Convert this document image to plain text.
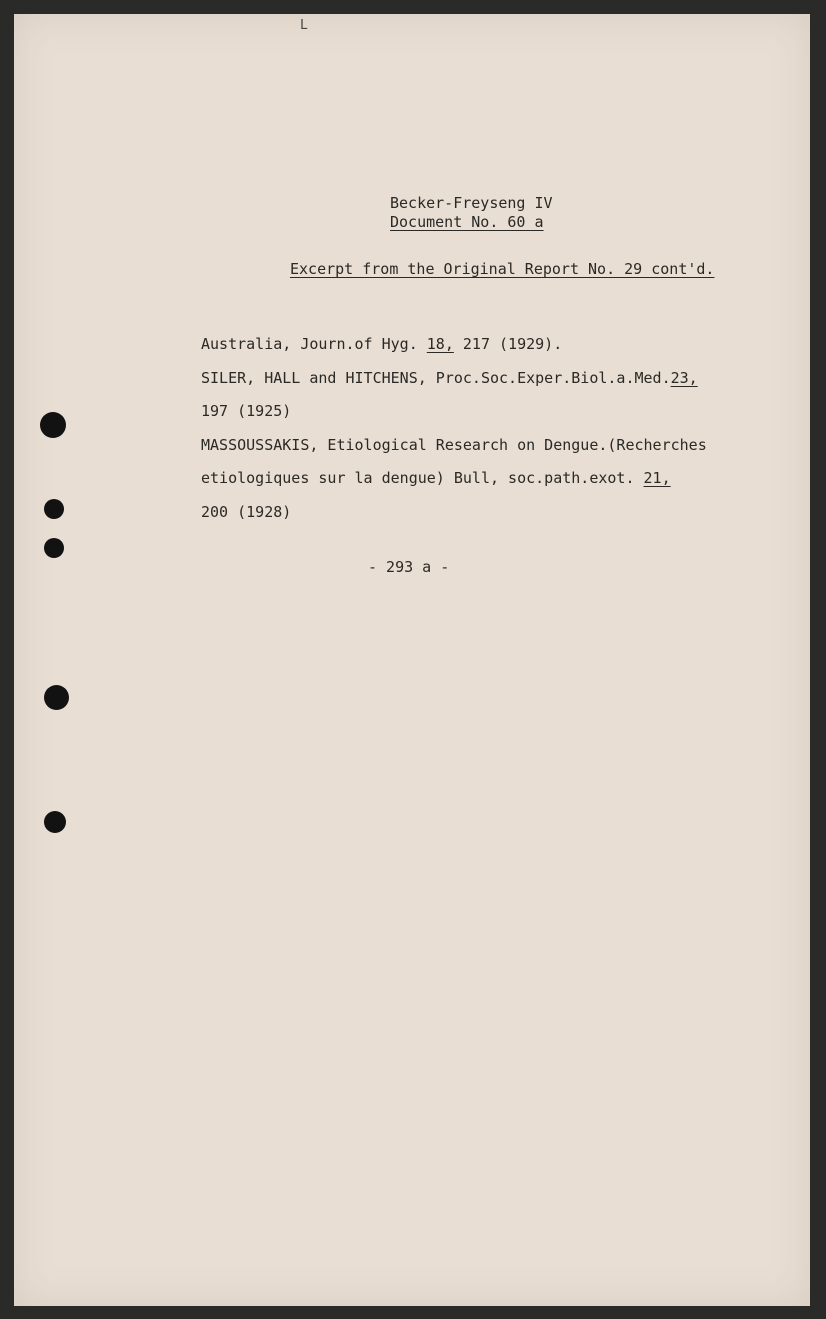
L
Becker-Freyseng IV
Document No. 60 a
Excerpt from the Original Report No. 29 cont'd.
Australia, Journ.of Hyg. 18, 217 (1929).
SILER, HALL and HITCHENS, Proc.Soc.Exper.Biol.a.Med.23,
197 (1925)
MASSOUSSAKIS, Etiological Research on Dengue.(Recherches
etiologiques sur la dengue) Bull, soc.path.exot. 21,
200 (1928)
- 293 a -
